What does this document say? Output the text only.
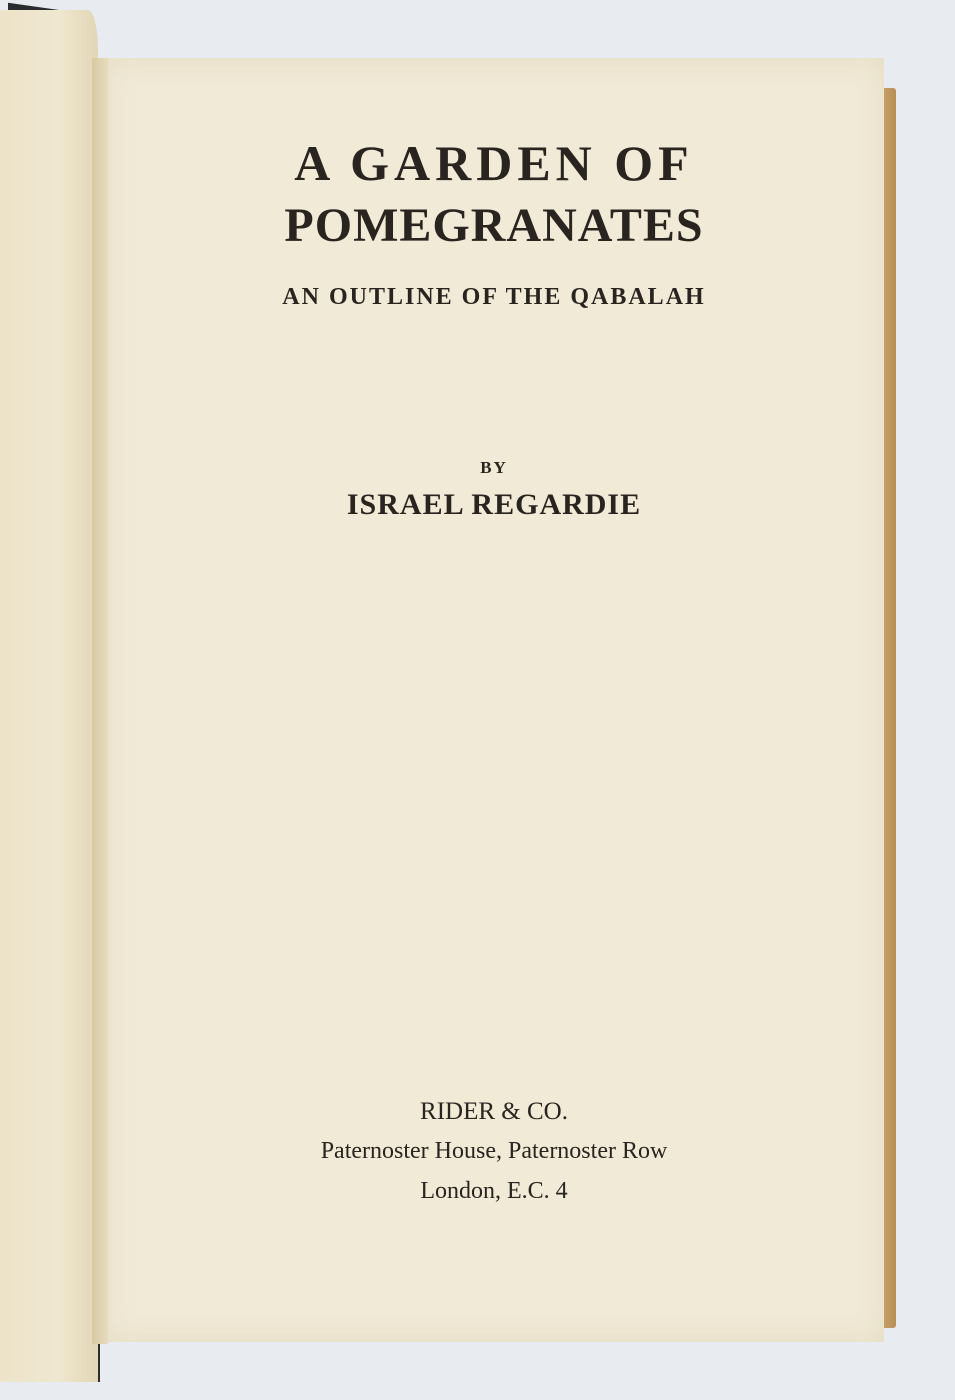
A GARDEN OF
POMEGRANATES
AN OUTLINE OF THE QABALAH
BY
ISRAEL REGARDIE
RIDER & CO.
Paternoster House, Paternoster Row
London, E.C. 4
